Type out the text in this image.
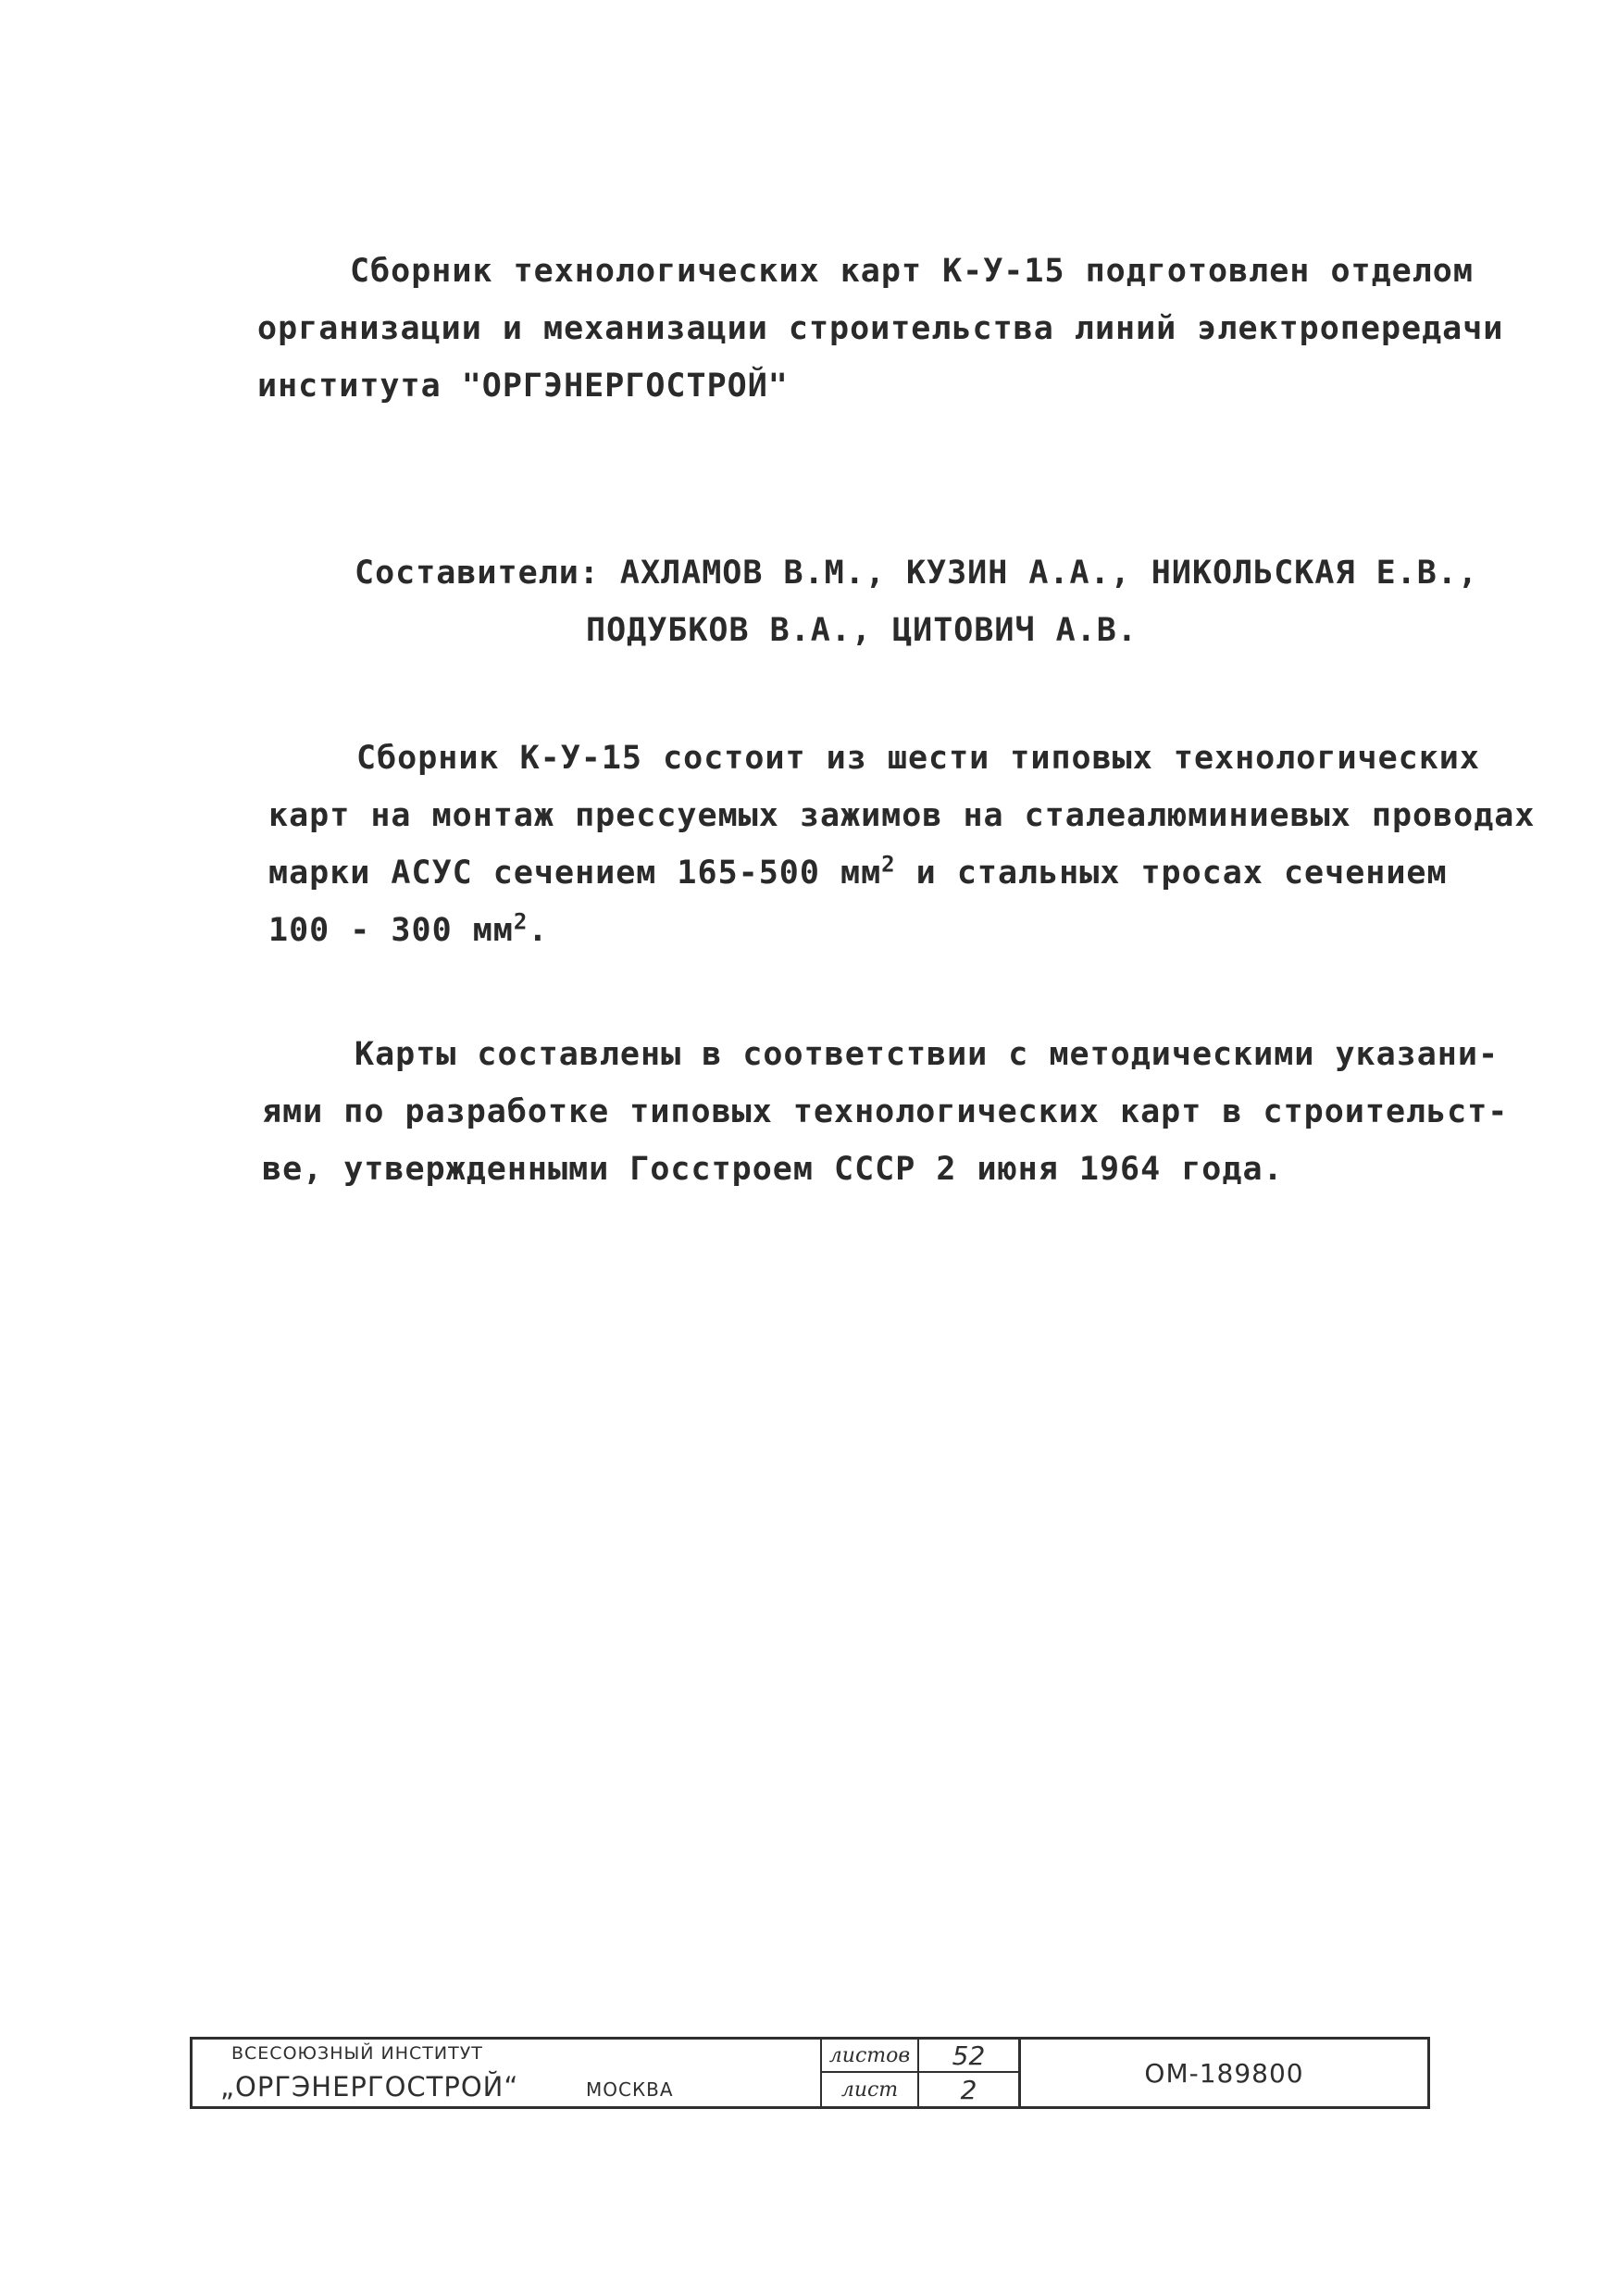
Сборник технологических карт К-У-15 подготовлен отделом
организации и механизации строительства линий электропередачи
института "ОРГЭНЕРГОСТРОЙ"
Составители: АХЛАМОВ В.М., КУЗИН А.А., НИКОЛЬСКАЯ Е.В.,
ПОДУБКОВ В.А., ЦИТОВИЧ А.В.
Сборник К-У-15 состоит из шести типовых технологических
карт на монтаж прессуемых зажимов на сталеалюминиевых проводах
марки АСУС сечением 165-500 $мм^2$ и стальных тросах сечением
100 - 300 $мм^2$.
Карты составлены в соответствии с методическими указани-
ями по разработке типовых технологических карт в строительст-
ве, утвержденными Госстроем СССР 2 июня 1964 года.
ВСЕСОЮЗНЫЙ ИНСТИТУТ
„ОРГЭНЕРГОСТРОЙ“	МОСКВА
листов
лист
52
2
ОМ-189800
